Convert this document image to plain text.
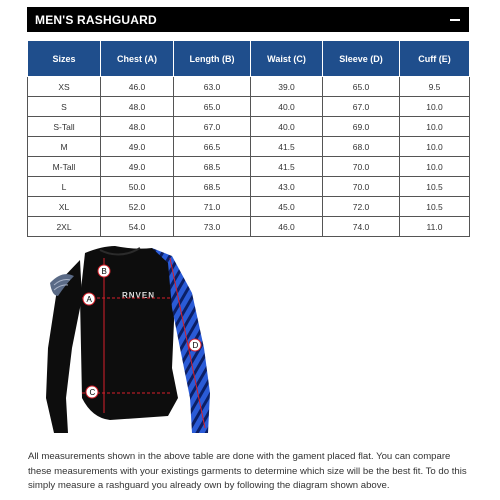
MEN'S RASHGUARD
Sizes	Chest (A)	Length (B)	Waist (C)	Sleeve (D)	Cuff (E)
XS	46.0	63.0	39.0	65.0	9.5
S	48.0	65.0	40.0	67.0	10.0
S-Tall	48.0	67.0	40.0	69.0	10.0
M	49.0	66.5	41.5	68.0	10.0
M-Tall	49.0	68.5	41.5	70.0	10.0
L	50.0	68.5	43.0	70.0	10.5
XL	52.0	71.0	45.0	72.0	10.5
2XL	54.0	73.0	46.0	74.0	11.0
RNVEN
B
A
D
C

All measurements shown in the above table are done with the gament placed flat. You can compare these measurements with your existings garments to determine which size will be the best fit. To do this simply measure a rashguard you already own by following the diagram shown above.
